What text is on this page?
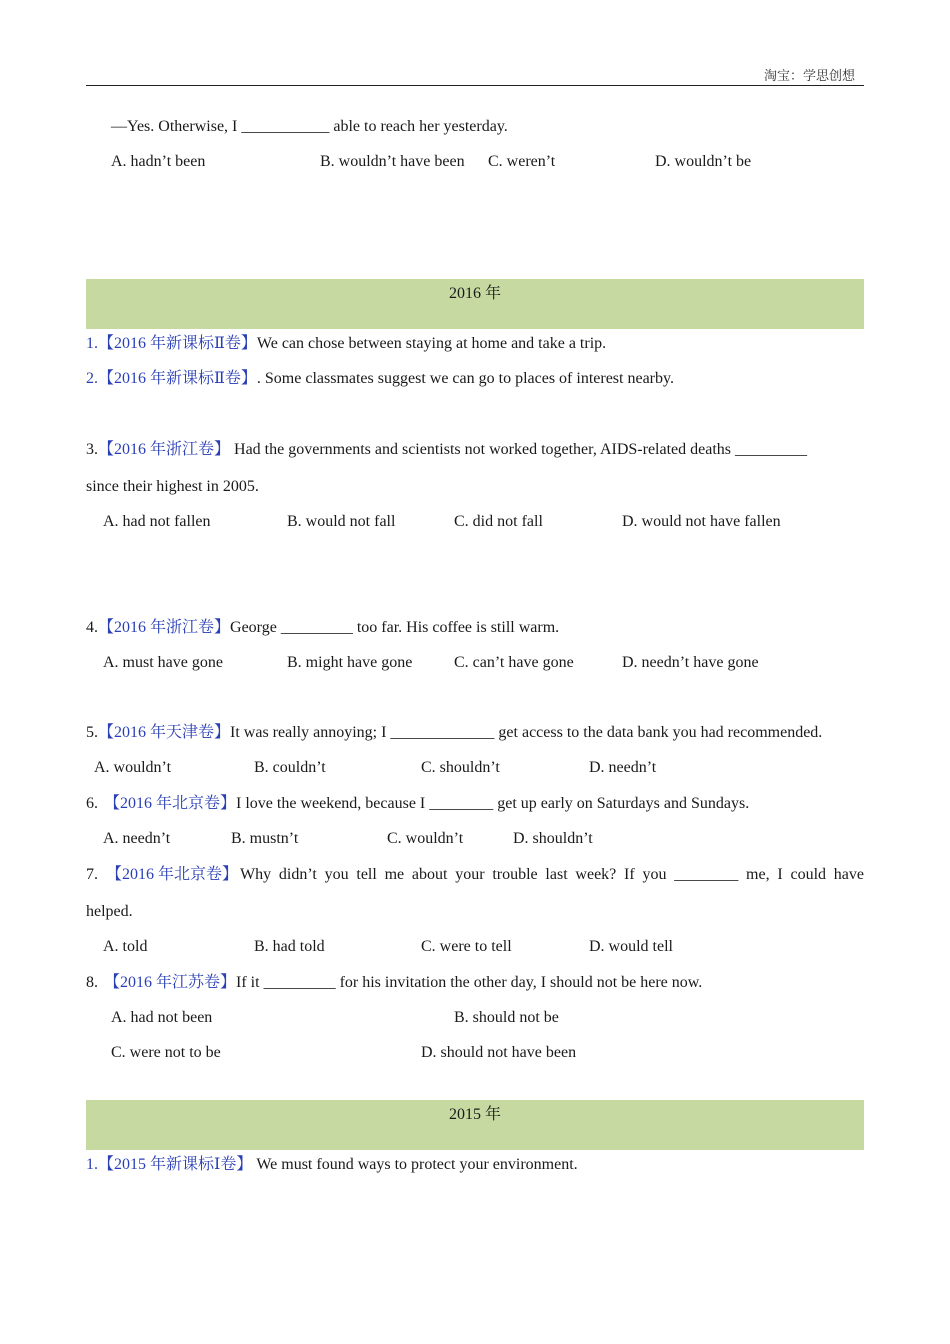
淘宝：学思创想
—Yes. Otherwise, I ___________ able to reach her yesterday.
A. hadn’t been	B. wouldn’t have been C. weren’t	D. wouldn’t be
2016 年
1.【2016 年新课标Ⅱ卷】We can chose between staying at home and take a trip.
2.【2016 年新课标Ⅱ卷】. Some classmates suggest we can go to places of interest nearby.
3.【2016 年浙江卷】 Had the governments and scientists not worked together, AIDS-related deaths _________
since their highest in 2005.
A. had not fallen	B. would not fall	C. did not fall	D. would not have fallen
4.【2016 年浙江卷】George _________ too far. His coffee is still warm.
A. must have gone	B. might have gone	C. can’t have gone	D. needn’t have gone
5.【2016 年天津卷】It was really annoying; I _____________ get access to the data bank you had recommended.
A. wouldn’t	B. couldn’t	C. shouldn’t	D. needn’t
6. 【2016 年北京卷】I love the weekend, because I ________ get up early on Saturdays and Sundays.
A. needn’t	B. mustn’t	C. wouldn’t	D. shouldn’t
7. 【2016 年北京卷】 Why didn’t you tell me about your trouble last week? If you ________ me, I could have
helped.
A. told	B. had told	C. were to tell	D. would tell
8. 【2016 年江苏卷】If it _________ for his invitation the other day, I should not be here now.
A. had not been	B. should not be
C. were not to be	D. should not have been
2015 年
1.【2015 年新课标Ⅰ卷】 We must found ways to protect your environment.
